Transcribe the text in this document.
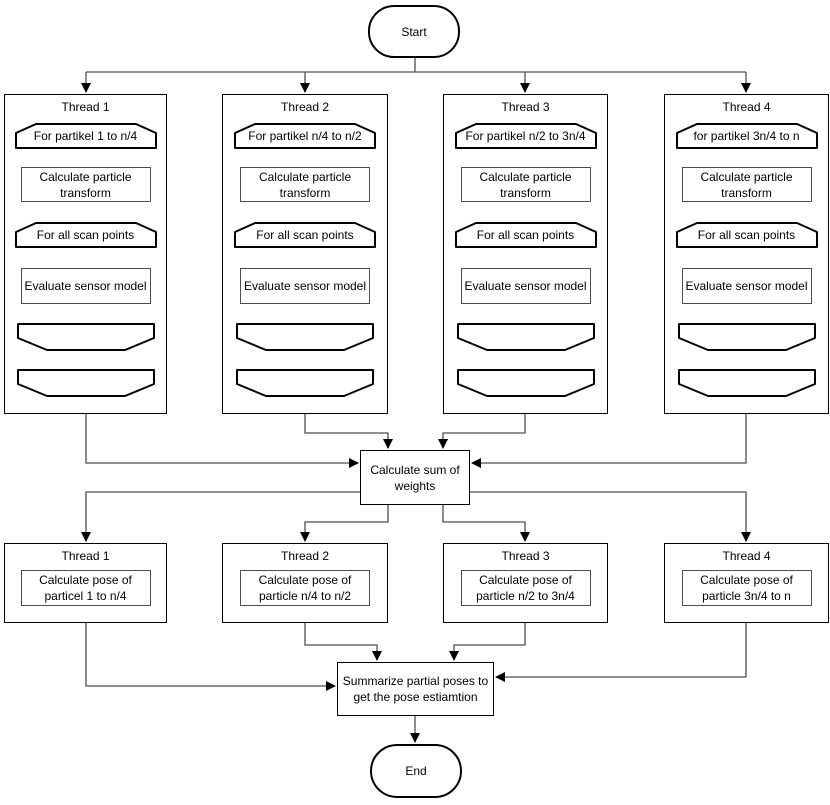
Start
Thread 1
For partikel 1 to n/4
Calculate particle transform
For all scan points
Evaluate sensor model
Thread 2
For partikel n/4 to n/2
Calculate particle transform
For all scan points
Evaluate sensor model
Thread 3
For partikel n/2 to 3n/4
Calculate particle transform
For all scan points
Evaluate sensor model
Thread 4
for partikel 3n/4 to n
Calculate particle transform
For all scan points
Evaluate sensor model
Calculate sum of weights
Thread 1
Calculate pose of particel 1 to n/4
Thread 2
Calculate pose of particle n/4 to n/2
Thread 3
Calculate pose of particle n/2 to 3n/4
Thread 4
Calculate pose of particle 3n/4 to n
Summarize partial poses to get the pose estiamtion
End
